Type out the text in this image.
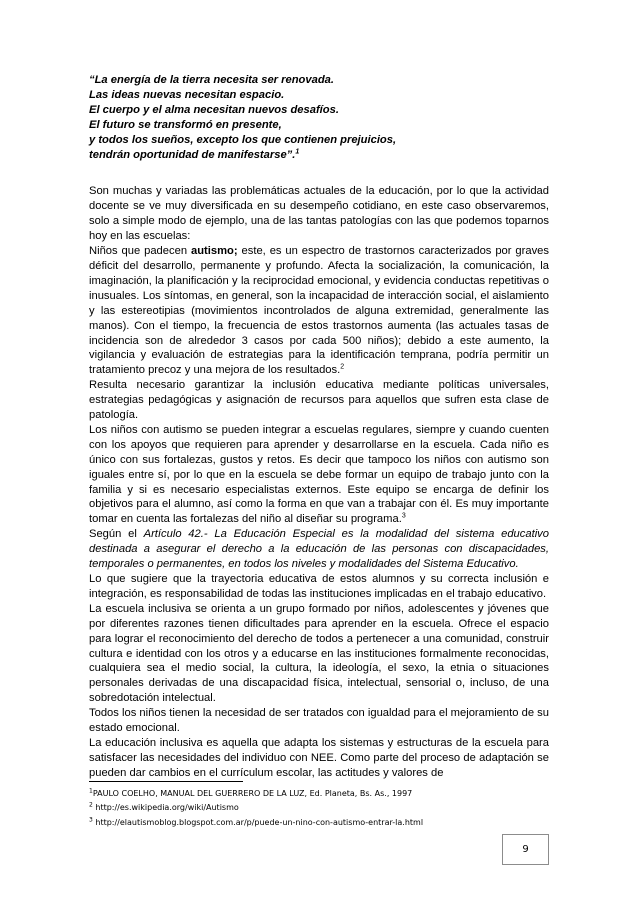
“La energía de la tierra necesita ser renovada.

Las ideas nuevas necesitan espacio.

El cuerpo y el alma necesitan nuevos desafíos.

El futuro se transformó en presente,

y todos los sueños, excepto los que contienen prejuicios,

tendrán oportunidad de manifestarse”.$^1$

Son muchas y variadas las problemáticas actuales de la educación, por lo que la actividad docente se ve muy diversificada en su desempeño cotidiano, en este caso observaremos, solo a simple modo de ejemplo, una de las tantas patologías con las que podemos toparnos hoy en las escuelas:

Niños que padecen autismo; este, es un espectro de trastornos caracterizados por graves déficit del desarrollo, permanente y profundo. Afecta la socialización, la comunicación, la imaginación, la planificación y la reciprocidad emocional, y evidencia conductas repetitivas o inusuales. Los síntomas, en general, son la incapacidad de interacción social, el aislamiento y las estereotipias (movimientos incontrolados de alguna extremidad, generalmente las manos). Con el tiempo, la frecuencia de estos trastornos aumenta (las actuales tasas de incidencia son de alrededor 3 casos por cada 500 niños); debido a este aumento, la vigilancia y evaluación de estrategias para la identificación temprana, podría permitir un tratamiento precoz y una mejora de los resultados.$^2$

Resulta necesario garantizar la inclusión educativa mediante políticas universales, estrategias pedagógicas y asignación de recursos para aquellos que sufren esta clase de patología.

Los niños con autismo se pueden integrar a escuelas regulares, siempre y cuando cuenten con los apoyos que requieren para aprender y desarrollarse en la escuela. Cada niño es único con sus fortalezas, gustos y retos. Es decir que tampoco los niños con autismo son iguales entre sí, por lo que en la escuela se debe formar un equipo de trabajo junto con la familia y si es necesario especialistas externos. Este equipo se encarga de definir los objetivos para el alumno, así como la forma en que van a trabajar con él. Es muy importante tomar en cuenta las fortalezas del niño al diseñar su programa.$^3$

Según el Artículo 42.- La Educación Especial es la modalidad del sistema educativo destinada a asegurar el derecho a la educación de las personas con discapacidades, temporales o permanentes, en todos los niveles y modalidades del Sistema Educativo.

Lo que sugiere que la trayectoria educativa de estos alumnos y su correcta inclusión e integración, es responsabilidad de todas las instituciones implicadas en el trabajo educativo.

La escuela inclusiva se orienta a un grupo formado por niños, adolescentes y jóvenes que por diferentes razones tienen dificultades para aprender en la escuela. Ofrece el espacio para lograr el reconocimiento del derecho de todos a pertenecer a una comunidad, construir cultura e identidad con los otros y a educarse en las instituciones formalmente reconocidas, cualquiera sea el medio social, la cultura, la ideología, el sexo, la etnia o situaciones personales derivadas de una discapacidad física, intelectual, sensorial o, incluso, de una sobredotación intelectual.

Todos los niños tienen la necesidad de ser tratados con igualdad para el mejoramiento de su estado emocional.

La educación inclusiva es aquella que adapta los sistemas y estructuras de la escuela para satisfacer las necesidades del individuo con NEE. Como parte del proceso de adaptación se pueden dar cambios en el currículum escolar, las actitudes y valores de

$^1$PAULO COELHO, MANUAL DEL GUERRERO DE LA LUZ, Ed. Planeta, Bs. As., 1997

$^2$ http://es.wikipedia.org/wiki/Autismo

$^3$ http://elautismoblog.blogspot.com.ar/p/puede-un-nino-con-autismo-entrar-la.html

9
